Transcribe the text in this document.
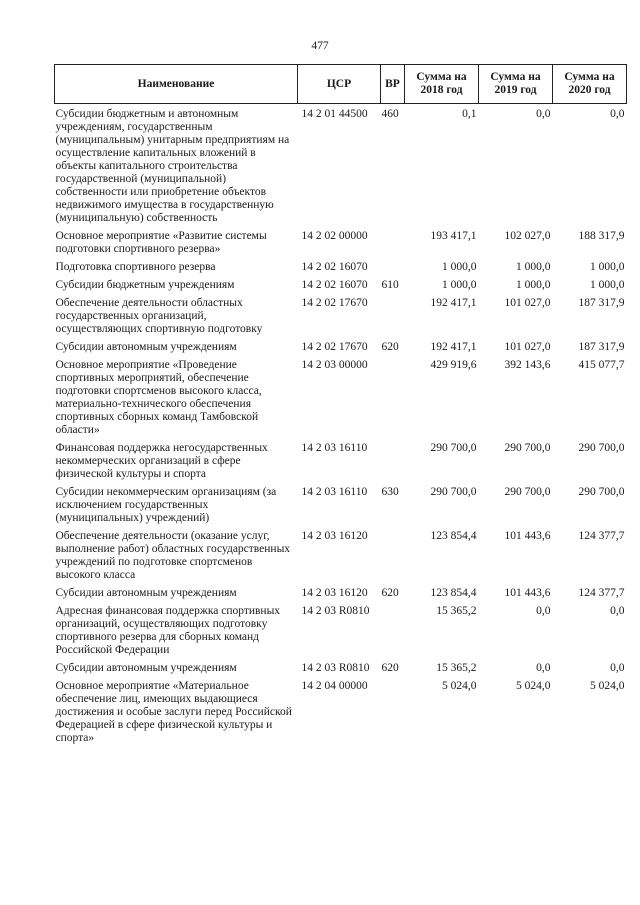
477
Наименование	ЦСР	ВР	Сумма на 2018 год	Сумма на 2019 год	Сумма на 2020 год
Субсидии бюджетным и автономным учреждениям, государственным (муниципальным) унитарным предприятиям на осуществление капитальных вложений в объекты капитального строительства государственной (муниципальной) собственности или приобретение объектов недвижимого имущества в государственную (муниципальную) собственность	14 2 01 44500	460	0,1	0,0	0,0
Основное мероприятие «Развитие системы подготовки спортивного резерва»	14 2 02 00000		193 417,1	102 027,0	188 317,9
Подготовка спортивного резерва	14 2 02 16070		1 000,0	1 000,0	1 000,0
Субсидии бюджетным учреждениям	14 2 02 16070	610	1 000,0	1 000,0	1 000,0
Обеспечение деятельности областных государственных организаций, осуществляющих спортивную подготовку	14 2 02 17670		192 417,1	101 027,0	187 317,9
Субсидии автономным учреждениям	14 2 02 17670	620	192 417,1	101 027,0	187 317,9
Основное мероприятие «Проведение спортивных мероприятий, обеспечение подготовки спортсменов высокого класса, материально-технического обеспечения спортивных сборных команд Тамбовской области»	14 2 03 00000		429 919,6	392 143,6	415 077,7
Финансовая поддержка негосударственных некоммерческих организаций в сфере физической культуры и спорта	14 2 03 16110		290 700,0	290 700,0	290 700,0
Субсидии некоммерческим организациям (за исключением государственных (муниципальных) учреждений)	14 2 03 16110	630	290 700,0	290 700,0	290 700,0
Обеспечение деятельности (оказание услуг, выполнение работ) областных государственных учреждений по подготовке спортсменов высокого класса	14 2 03 16120		123 854,4	101 443,6	124 377,7
Субсидии автономным учреждениям	14 2 03 16120	620	123 854,4	101 443,6	124 377,7
Адресная финансовая поддержка спортивных организаций, осуществляющих подготовку спортивного резерва для сборных команд Российской Федерации	14 2 03 R0810		15 365,2	0,0	0,0
Субсидии автономным учреждениям	14 2 03 R0810	620	15 365,2	0,0	0,0
Основное мероприятие «Материальное обеспечение лиц, имеющих выдающиеся достижения и особые заслуги перед Российской Федерацией в сфере физической культуры и спорта»	14 2 04 00000		5 024,0	5 024,0	5 024,0
